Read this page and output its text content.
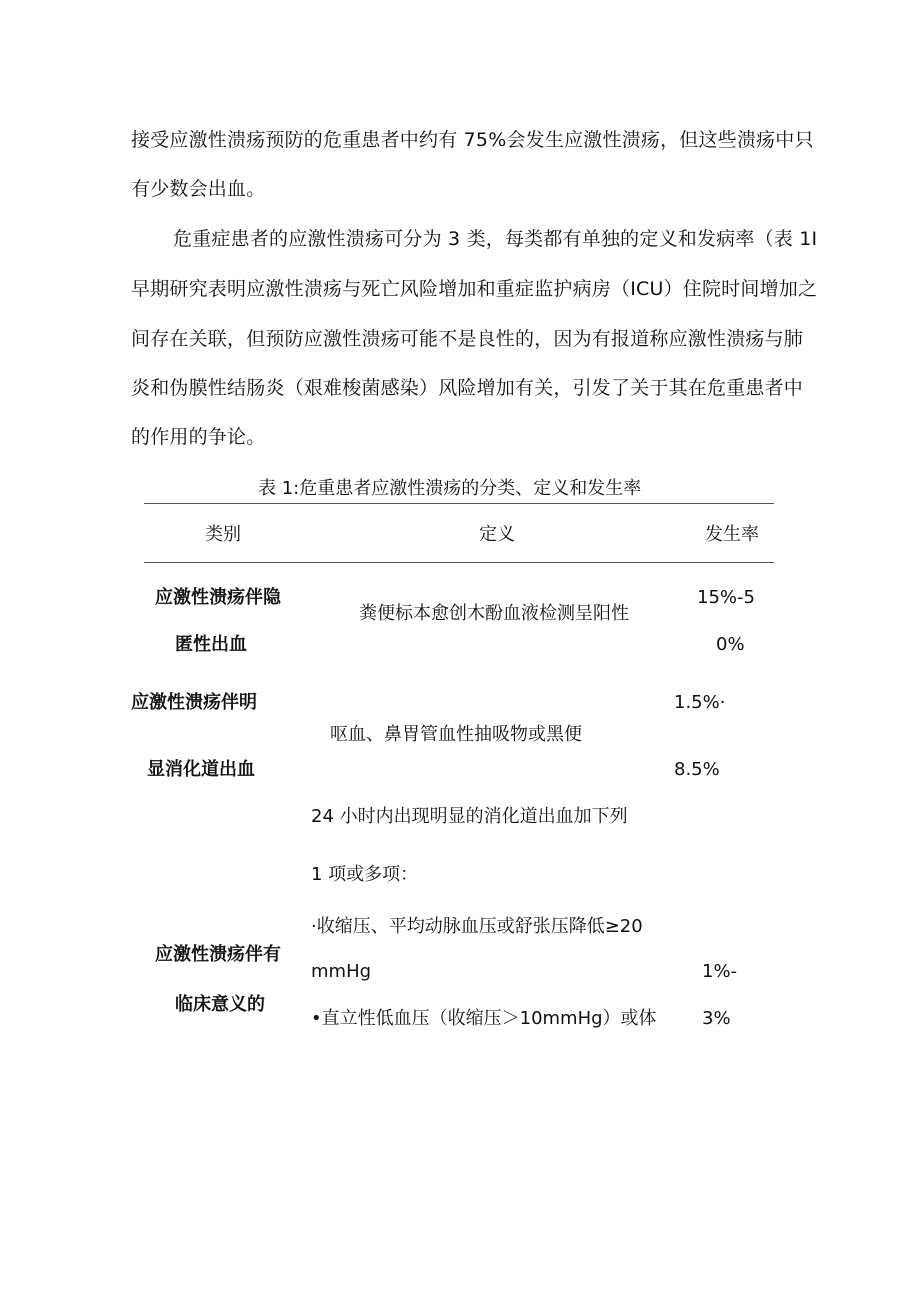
接受应激性溃疡预防的危重患者中约有 75%会发生应激性溃疡，但这些溃疡中只
有少数会出血。
危重症患者的应激性溃疡可分为 3 类，每类都有单独的定义和发病率（表 1I
早期研究表明应激性溃疡与死亡风险增加和重症监护病房（ICU）住院时间增加之
间存在关联，但预防应激性溃疡可能不是良性的，因为有报道称应激性溃疡与肺
炎和伪膜性结肠炎（艰难梭菌感染）风险增加有关，引发了关于其在危重患者中
的作用的争论。
表 1:危重患者应激性溃疡的分类、定义和发生率
类别	定义	发生率
应激性溃疡伴隐
匿性出血
粪便标本愈创木酚血液检测呈阳性
15%-5
0%
应激性溃疡伴明
显消化道出血
呕血、鼻胃管血性抽吸物或黑便
1.5%·
8.5%
应激性溃疡伴有
临床意义的
24 小时内出现明显的消化道出血加下列
1 项或多项：
·收缩压、平均动脉血压或舒张压降低≥20
mmHg
•直立性低血压（收缩压＞10mmHg）或体
1%-
3%
